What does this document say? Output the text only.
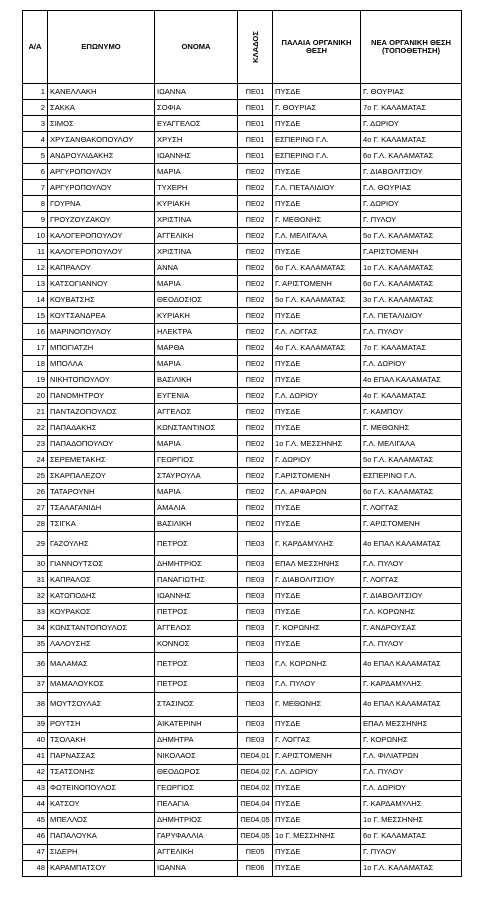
Α/Α	ΕΠΩΝΥΜΟ	ΟΝΟΜΑ	ΚΛΑΔΟΣ	ΠΑΛΑΙΑ ΟΡΓΑΝΙΚΗ ΘΕΣΗ	ΝΕΑ ΟΡΓΑΝΙΚΗ ΘΕΣΗ (ΤΟΠΟΘΕΤΗΣΗ)
1	ΚΑΝΕΛΛΑΚΗ	ΙΩΑΝΝΑ	ΠΕ01	ΠΥΣΔΕ	Γ. ΘΟΥΡΙΑΣ
2	ΣΑΚΚΑ	ΣΟΦΙΑ	ΠΕ01	Γ. ΘΟΥΡΙΑΣ	7ο Γ. ΚΑΛΑΜΑΤΑΣ
3	ΣΙΜΟΣ	ΕΥΑΓΓΕΛΟΣ	ΠΕ01	ΠΥΣΔΕ	Γ. ΔΩΡΙΟΥ
4	ΧΡΥΣΑΝΘΑΚΟΠΟΥΛΟΥ	ΧΡΥΣΗ	ΠΕ01	ΕΣΠΕΡΙΝΟ Γ.Λ.	4ο Γ. ΚΑΛΑΜΑΤΑΣ
5	ΑΝΔΡΟΥΛΙΔΑΚΗΣ	ΙΩΑΝΝΗΣ	ΠΕ01	ΕΣΠΕΡΙΝΟ Γ.Λ.	6ο Γ.Λ. ΚΑΛΑΜΑΤΑΣ
6	ΑΡΓΥΡΟΠΟΥΛΟΥ	ΜΑΡΙΑ	ΠΕ02	ΠΥΣΔΕ	Γ. ΔΙΑΒΟΛΙΤΣΙΟΥ
7	ΑΡΓΥΡΟΠΟΥΛΟΥ	ΤΥΧΕΡΗ	ΠΕ02	Γ.Λ. ΠΕΤΑΛΙΔΙΟΥ	Γ.Λ. ΘΟΥΡΙΑΣ
8	ΓΟΥΡΝΑ	ΚΥΡΙΑΚΗ	ΠΕ02	ΠΥΣΔΕ	Γ. ΔΩΡΙΟΥ
9	ΓΡΟΥΖΟΥΖΑΚΟΥ	ΧΡΙΣΤΙΝΑ	ΠΕ02	Γ. ΜΕΘΩΝΗΣ	Γ. ΠΥΛΟΥ
10	ΚΑΛΟΓΕΡΟΠΟΥΛΟΥ	ΑΓΓΕΛΙΚΗ	ΠΕ02	Γ.Λ. ΜΕΛΙΓΑΛΑ	5ο Γ.Λ. ΚΑΛΑΜΑΤΑΣ
11	ΚΑΛΟΓΕΡΟΠΟΥΛΟΥ	ΧΡΙΣΤΙΝΑ	ΠΕ02	ΠΥΣΔΕ	Γ.ΑΡΙΣΤΟΜΕΝΗ
12	ΚΑΠΡΑΛΟΥ	ΑΝΝΑ	ΠΕ02	6ο Γ.Λ. ΚΑΛΑΜΑΤΑΣ	1ο Γ.Λ. ΚΑΛΑΜΑΤΑΣ
13	ΚΑΤΣΟΓΙΑΝΝΟΥ	ΜΑΡΙΑ	ΠΕ02	Γ. ΑΡΙΣΤΟΜΕΝΗ	6ο Γ.Λ. ΚΑΛΑΜΑΤΑΣ
14	ΚΟΥΒΑΤΣΗΣ	ΘΕΟΔΟΣΙΟΣ	ΠΕ02	5ο Γ.Λ. ΚΑΛΑΜΑΤΑΣ	3ο Γ.Λ. ΚΑΛΑΜΑΤΑΣ
15	ΚΟΥΤΣΑΝΔΡΕΑ	ΚΥΡΙΑΚΗ	ΠΕ02	ΠΥΣΔΕ	Γ.Λ. ΠΕΤΑΛΙΔΙΟΥ
16	ΜΑΡΙΝΟΠΟΥΛΟΥ	ΗΛΕΚΤΡΑ	ΠΕ02	Γ.Λ. ΛΟΓΓΑΣ	Γ.Λ. ΠΥΛΟΥ
17	ΜΠΟΓΙΑΤΖΗ	ΜΑΡΘΑ	ΠΕ02	4ο Γ.Λ. ΚΑΛΑΜΑΤΑΣ	7ο Γ. ΚΑΛΑΜΑΤΑΣ
18	ΜΠΟΛΛΑ	ΜΑΡΙΑ	ΠΕ02	ΠΥΣΔΕ	Γ.Λ. ΔΩΡΙΟΥ
19	ΝΙΚΗΤΟΠΟΥΛΟΥ	ΒΑΣΙΛΙΚΗ	ΠΕ02	ΠΥΣΔΕ	4ο ΕΠΑΛ ΚΑΛΑΜΑΤΑΣ
20	ΠΑΝΟΜΗΤΡΟΥ	ΕΥΓΕΝΙΑ	ΠΕ02	Γ.Λ. ΔΩΡΙΟΥ	4ο Γ. ΚΑΛΑΜΑΤΑΣ
21	ΠΑΝΤΑΖΟΠΟΥΛΟΣ	ΑΓΓΕΛΟΣ	ΠΕ02	ΠΥΣΔΕ	Γ. ΚΑΜΠΟΥ
22	ΠΑΠΑΔΑΚΗΣ	ΚΩΝΣΤΑΝΤΙΝΟΣ	ΠΕ02	ΠΥΣΔΕ	Γ. ΜΕΘΩΝΗΣ
23	ΠΑΠΑΔΟΠΟΥΛΟΥ	ΜΑΡΙΑ	ΠΕ02	1ο Γ.Λ. ΜΕΣΣΗΝΗΣ	Γ.Λ. ΜΕΛΙΓΑΛΑ
24	ΣΕΡΕΜΕΤΑΚΗΣ	ΓΕΩΡΓΙΟΣ	ΠΕ02	Γ. ΔΩΡΙΟΥ	5ο Γ.Λ. ΚΑΛΑΜΑΤΑΣ
25	ΣΚΑΡΠΑΛΕΖΟΥ	ΣΤΑΥΡΟΥΛΑ	ΠΕ02	Γ.ΑΡΙΣΤΟΜΕΝΗ	ΕΣΠΕΡΙΝΟ Γ.Λ.
26	ΤΑΤΑΡΟΥΝΗ	ΜΑΡΙΑ	ΠΕ02	Γ.Λ. ΑΡΦΑΡΩΝ	6ο Γ.Λ. ΚΑΛΑΜΑΤΑΣ
27	ΤΣΑΛΑΓΑΝΙΔΗ	ΑΜΑΛΙΑ	ΠΕ02	ΠΥΣΔΕ	Γ. ΛΟΓΓΑΣ
28	ΤΣΙΓΚΑ	ΒΑΣΙΛΙΚΗ	ΠΕ02	ΠΥΣΔΕ	Γ. ΑΡΙΣΤΟΜΕΝΗ
29	ΓΑΖΟΥΛΗΣ	ΠΕΤΡΟΣ	ΠΕ03	Γ. ΚΑΡΔΑΜΥΛΗΣ	4ο ΕΠΑΛ ΚΑΛΑΜΑΤΑΣ
30	ΓΙΑΝΝΟΥΤΣΟΣ	ΔΗΜΗΤΡΙΟΣ	ΠΕ03	ΕΠΑΛ ΜΕΣΣΗΝΗΣ	Γ.Λ. ΠΥΛΟΥ
31	ΚΑΠΡΑΛΟΣ	ΠΑΝΑΓΙΩΤΗΣ	ΠΕ03	Γ. ΔΙΑΒΟΛΙΤΣΙΟΥ	Γ. ΛΟΓΓΑΣ
32	ΚΑΤΩΠΟΔΗΣ	ΙΩΑΝΝΗΣ	ΠΕ03	ΠΥΣΔΕ	Γ. ΔΙΑΒΟΛΙΤΣΙΟΥ
33	ΚΟΥΡΑΚΟΣ	ΠΕΤΡΟΣ	ΠΕ03	ΠΥΣΔΕ	Γ.Λ. ΚΟΡΩΝΗΣ
34	ΚΩΝΣΤΑΝΤΟΠΟΥΛΟΣ	ΑΓΓΕΛΟΣ	ΠΕ03	Γ. ΚΟΡΩΝΗΣ	Γ. ΑΝΔΡΟΥΣΑΣ
35	ΛΑΛΟΥΣΗΣ	ΚΟΝΝΟΣ	ΠΕ03	ΠΥΣΔΕ	Γ.Λ. ΠΥΛΟΥ
36	ΜΑΛΑΜΑΣ	ΠΕΤΡΟΣ	ΠΕ03	Γ.Λ. ΚΟΡΩΝΗΣ	4ο ΕΠΑΛ ΚΑΛΑΜΑΤΑΣ
37	ΜΑΜΑΛΟΥΚΟΣ	ΠΕΤΡΟΣ	ΠΕ03	Γ.Λ. ΠΥΛΟΥ	Γ. ΚΑΡΔΑΜΥΛΗΣ
38	ΜΟΥΤΣΟΥΛΑΣ	ΣΤΑΣΙΝΟΣ	ΠΕ03	Γ. ΜΕΘΩΝΗΣ	4ο ΕΠΑΛ ΚΑΛΑΜΑΤΑΣ
39	ΡΟΥΤΣΗ	ΑΙΚΑΤΕΡΙΝΗ	ΠΕ03	ΠΥΣΔΕ	ΕΠΑΛ ΜΕΣΣΗΝΗΣ
40	ΤΣΟΛΑΚΗ	ΔΗΜΗΤΡΑ	ΠΕ03	Γ. ΛΟΓΓΑΣ	Γ. ΚΟΡΩΝΗΣ
41	ΠΑΡΝΑΣΣΑΣ	ΝΙΚΟΛΑΟΣ	ΠΕ04.01	Γ. ΑΡΙΣΤΟΜΕΝΗ	Γ.Λ. ΦΙΛΙΑΤΡΩΝ
42	ΤΣΑΤΣΟΝΗΣ	ΘΕΟΔΩΡΟΣ	ΠΕ04.02	Γ.Λ. ΔΩΡΙΟΥ	Γ.Λ. ΠΥΛΟΥ
43	ΦΩΤΕΙΝΟΠΟΥΛΟΣ	ΓΕΩΡΓΙΟΣ	ΠΕ04.02	ΠΥΣΔΕ	Γ.Λ. ΔΩΡΙΟΥ
44	ΚΑΤΣΟΥ	ΠΕΛΑΓΙΑ	ΠΕ04.04	ΠΥΣΔΕ	Γ. ΚΑΡΔΑΜΥΛΗΣ
45	ΜΠΕΛΛΟΣ	ΔΗΜΗΤΡΙΟΣ	ΠΕ04.05	ΠΥΣΔΕ	1ο Γ. ΜΕΣΣΗΝΗΣ
46	ΠΑΠΑΛΟΥΚΑ	ΓΑΡΥΦΑΛΛΙΑ	ΠΕ04.05	1ο Γ. ΜΕΣΣΗΝΗΣ	6ο Γ. ΚΑΛΑΜΑΤΑΣ
47	ΣΙΔΕΡΗ	ΑΓΓΕΛΙΚΗ	ΠΕ05	ΠΥΣΔΕ	Γ. ΠΥΛΟΥ
48	ΚΑΡΑΜΠΑΤΣΟΥ	ΙΩΑΝΝΑ	ΠΕ06	ΠΥΣΔΕ	1ο Γ.Λ. ΚΑΛΑΜΑΤΑΣ
